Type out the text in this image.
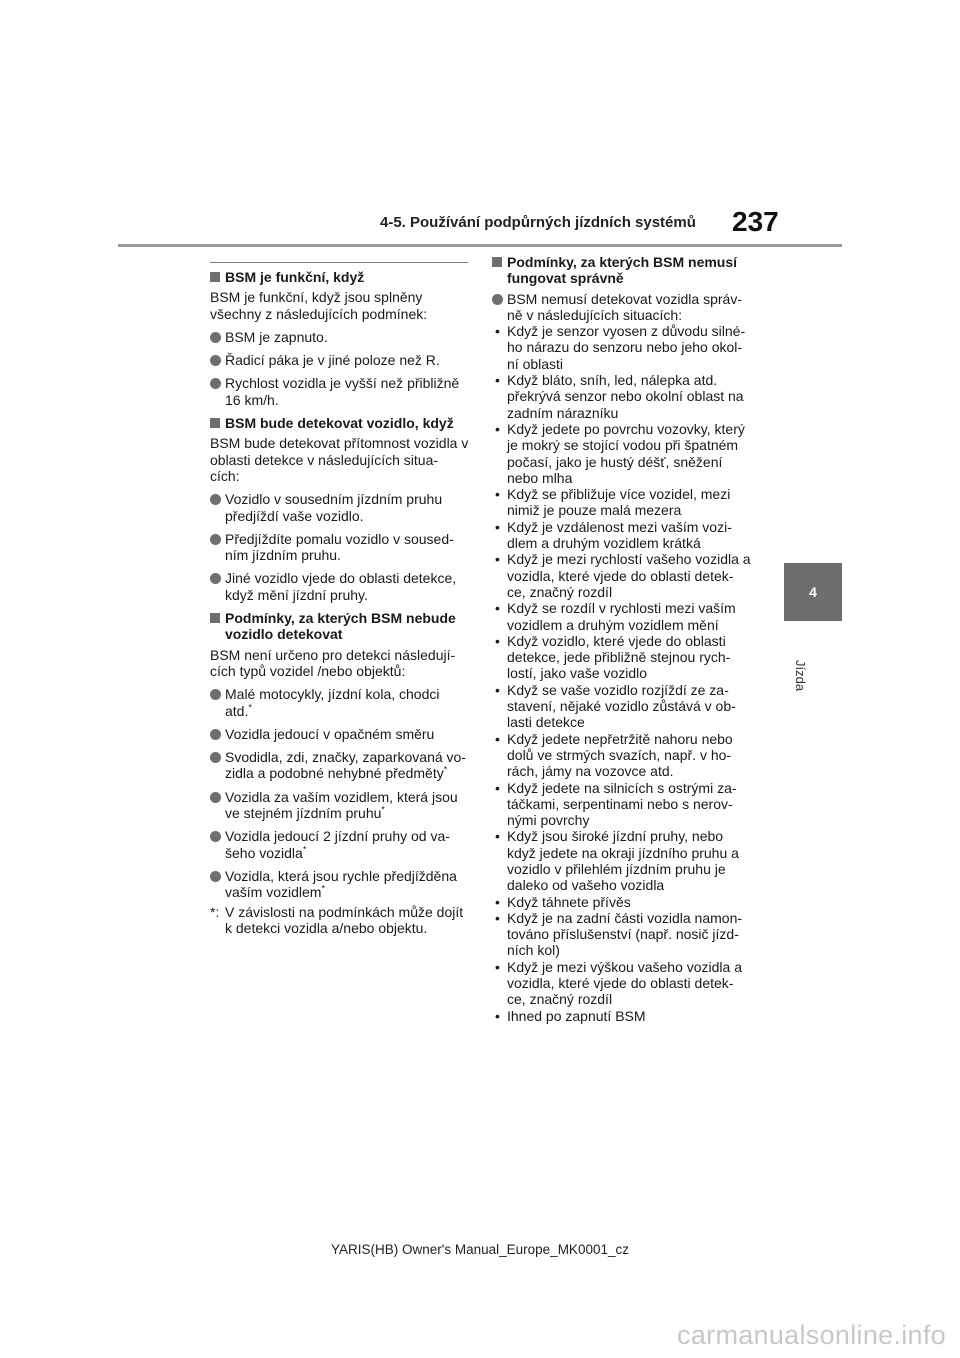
4-5. Používání podpůrných jízdních systémů 237
4
Jízda
BSM je funkční, když

BSM je funkční, když jsou splněny všechny z následujících podmínek:

BSM je zapnuto.
Řadicí páka je v jiné poloze než R.
Rychlost vozidla je vyšší než přibližně 16 km/h.
BSM bude detekovat vozidlo, když

BSM bude detekovat přítomnost vozidla v oblasti detekce v následujících situa- cích:

Vozidlo v sousedním jízdním pruhu předjíždí vaše vozidlo.
Předjíždíte pomalu vozidlo v soused- ním jízdním pruhu.
Jiné vozidlo vjede do oblasti detekce, když mění jízdní pruhy.
Podmínky, za kterých BSM nebude vozidlo detekovat

BSM není určeno pro detekci následují- cích typů vozidel /nebo objektů:

Malé motocykly, jízdní kola, chodci atd.*
Vozidla jedoucí v opačném směru
Svodidla, zdi, značky, zaparkovaná vo- zidla a podobné nehybné předměty*
Vozidla za vaším vozidlem, která jsou ve stejném jízdním pruhu*
Vozidla jedoucí 2 jízdní pruhy od va- šeho vozidla*
Vozidla, která jsou rychle předjížděna vaším vozidlem*
*: V závislosti na podmínkách může dojít k detekci vozidla a/nebo objektu.
Podmínky, za kterých BSM nemusí fungovat správně
BSM nemusí detekovat vozidla správ- ně v následujících situacích:
• Když je senzor vyosen z důvodu silné- ho nárazu do senzoru nebo jeho okol- ní oblasti
• Když bláto, sníh, led, nálepka atd. překrývá senzor nebo okolní oblast na zadním nárazníku
• Když jedete po povrchu vozovky, který je mokrý se stojící vodou při špatném počasí, jako je hustý déšť, sněžení nebo mlha
• Když se přibližuje více vozidel, mezi nimiž je pouze malá mezera
• Když je vzdálenost mezi vaším vozi- dlem a druhým vozidlem krátká
• Když je mezi rychlostí vašeho vozidla a vozidla, které vjede do oblasti detek- ce, značný rozdíl
• Když se rozdíl v rychlosti mezi vaším vozidlem a druhým vozidlem mění
• Když vozidlo, které vjede do oblasti detekce, jede přibližně stejnou rych- lostí, jako vaše vozidlo
• Když se vaše vozidlo rozjíždí ze za- stavení, nějaké vozidlo zůstává v ob- lasti detekce
• Když jedete nepřetržitě nahoru nebo dolů ve strmých svazích, např. v ho- rách, jámy na vozovce atd.
• Když jedete na silnicích s ostrými za- táčkami, serpentinami nebo s nerov- nými povrchy
• Když jsou široké jízdní pruhy, nebo když jedete na okraji jízdního pruhu a vozidlo v přilehlém jízdním pruhu je daleko od vašeho vozidla
• Když táhnete přívěs
• Když je na zadní části vozidla namon- továno příslušenství (např. nosič jízd- ních kol)
• Když je mezi výškou vašeho vozidla a vozidla, které vjede do oblasti detek- ce, značný rozdíl
• Ihned po zapnutí BSM
YARIS(HB) Owner's Manual_Europe_MK0001_cz
carmanualsonline.info
